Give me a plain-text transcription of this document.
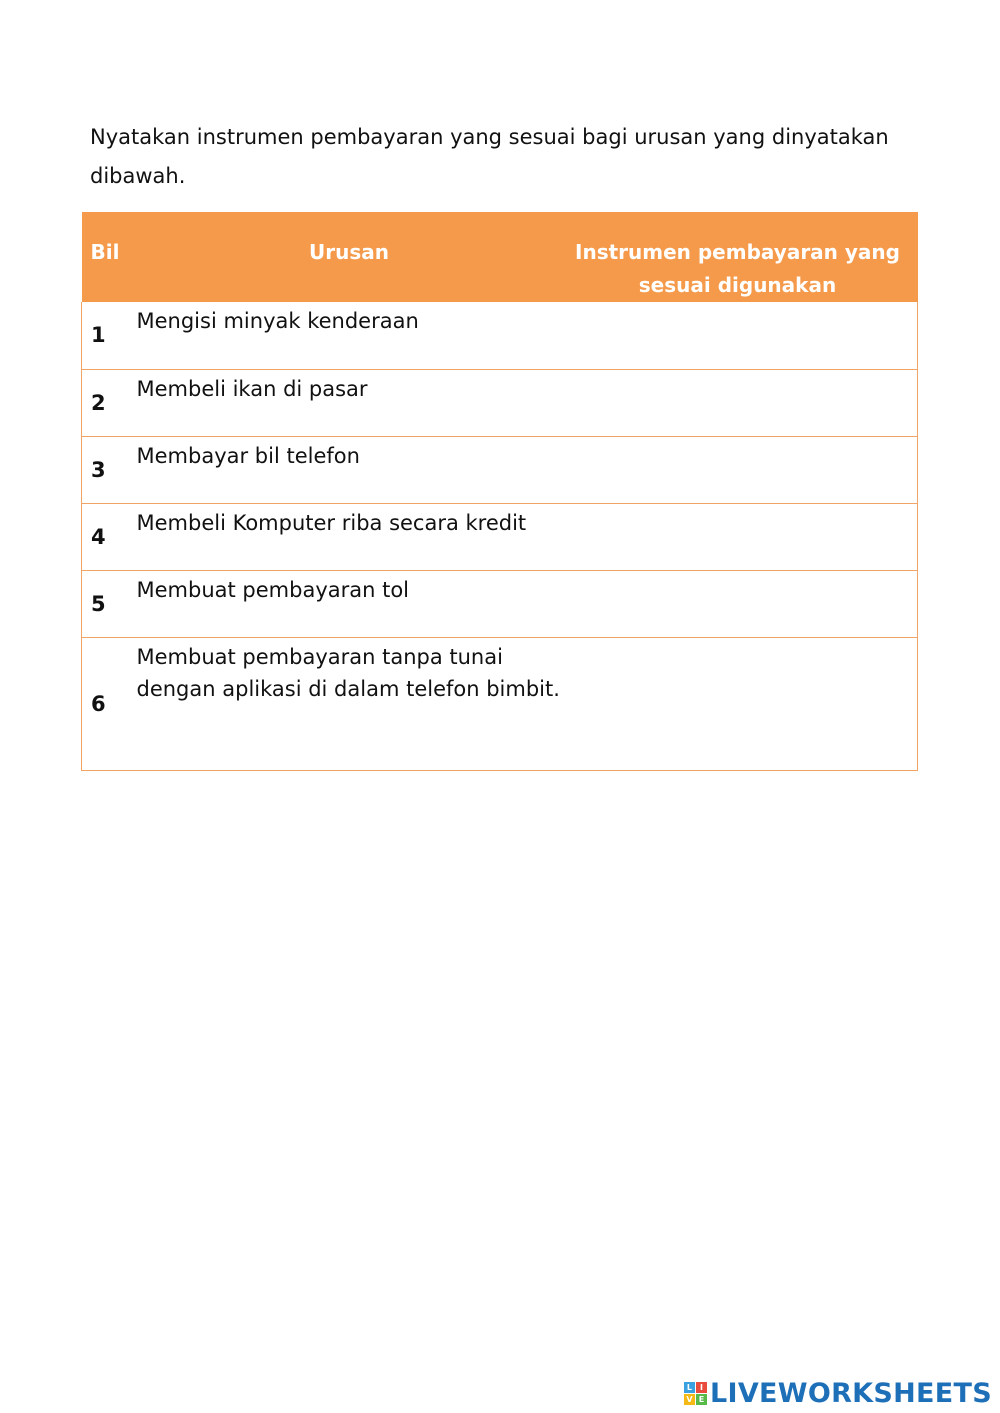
Nyatakan instrumen pembayaran yang sesuai bagi urusan yang dinyatakan dibawah.

Bil	Urusan	Instrumen pembayaran yang sesuai digunakan
1	Mengisi minyak kenderaan	

2	Membeli ikan di pasar	

3	Membayar bil telefon	

4	Membeli Komputer riba secara kredit	

5	Membuat pembayaran tol	

6	Membuat pembayaran tanpa tunai dengan aplikasi di dalam telefon bimbit.	
L I
V E LIVEWORKSHEETS
